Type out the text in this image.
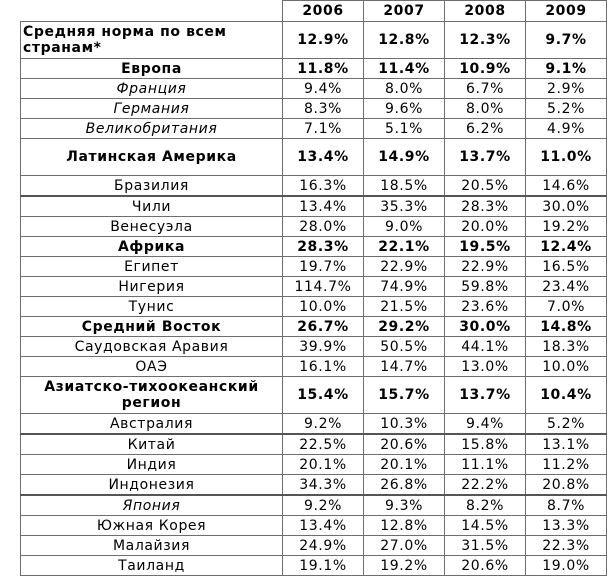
	2006	2007	2008	2009
Средняя норма по всем странам*	12.9%	12.8%	12.3%	9.7%
Европа	11.8%	11.4%	10.9%	9.1%
Франция	9.4%	8.0%	6.7%	2.9%
Германия	8.3%	9.6%	8.0%	5.2%
Великобритания	7.1%	5.1%	6.2%	4.9%
Латинская Америка	13.4%	14.9%	13.7%	11.0%
Бразилия	16.3%	18.5%	20.5%	14.6%
Чили	13.4%	35.3%	28.3%	30.0%
Венесуэла	28.0%	9.0%	20.0%	19.2%
Африка	28.3%	22.1%	19.5%	12.4%
Египет	19.7%	22.9%	22.9%	16.5%
Нигерия	114.7%	74.9%	59.8%	23.4%
Тунис	10.0%	21.5%	23.6%	7.0%
Средний Восток	26.7%	29.2%	30.0%	14.8%
Саудовская Аравия	39.9%	50.5%	44.1%	18.3%
ОАЭ	16.1%	14.7%	13.0%	10.0%
Азиатско-тихоокеанский регион	15.4%	15.7%	13.7%	10.4%
Австралия	9.2%	10.3%	9.4%	5.2%
Китай	22.5%	20.6%	15.8%	13.1%
Индия	20.1%	20.1%	11.1%	11.2%
Индонезия	34.3%	26.8%	22.2%	20.8%
Япония	9.2%	9.3%	8.2%	8.7%
Южная Корея	13.4%	12.8%	14.5%	13.3%
Малайзия	24.9%	27.0%	31.5%	22.3%
Таиланд	19.1%	19.2%	20.6%	19.0%
